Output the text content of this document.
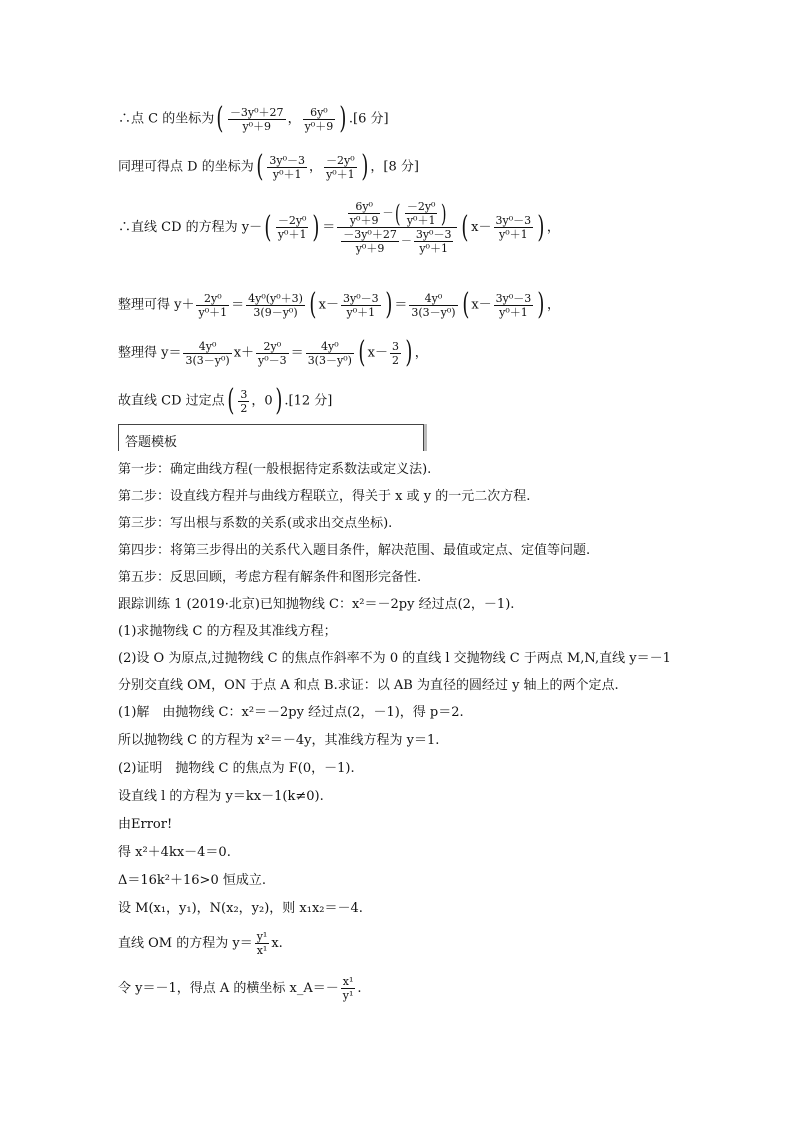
∴点 C 的坐标为( $\frac{\text{－3y⁰＋27}}{\text{y⁰＋9}}$ ， $\frac{\text{6y⁰}}{\text{y⁰＋9}}$ ) .[6 分]
同理可得点 D 的坐标为( $\frac{\text{3y⁰－3}}{\text{y⁰＋1}}$ ， $\frac{\text{－2y⁰}}{\text{y⁰＋1}}$ ) ，[8 分]
∴直线 CD 的方程为 $y-( \frac{\text{－2y⁰}}{\text{y⁰＋1}}$ ) ＝ $\frac{\frac{\text{6y⁰}}{\text{y⁰＋9}} -( \frac{\text{－2y⁰}}{\text{y⁰＋1}} )}{\frac{\text{－3y⁰＋27}}{\text{y⁰＋9}} - \frac{\text{3y⁰－3}}{\text{y⁰＋1}}}$ ( $x- \frac{\text{3y⁰－3}}{\text{y⁰＋1}}$ ) ，
整理可得 $y+ \frac{\text{2y⁰}}{\text{y⁰＋1}} = \frac{\text{4y⁰(y⁰＋3)}}{\text{3(9－y⁰)}}$ ( $x- \frac{\text{3y⁰－3}}{\text{y⁰＋1}}$ ) ＝ $\frac{\text{4y⁰}}{\text{3(3－y⁰)}}$ ( $x- \frac{\text{3y⁰－3}}{\text{y⁰＋1}}$ ) ，
整理得 $y= \frac{\text{4y⁰}}{\text{3(3－y⁰)}} x+ \frac{\text{2y⁰}}{\text{y⁰－3}} = \frac{\text{4y⁰}}{\text{3(3－y⁰)}}$ ( $x- \frac{3}{2}$ ) ，
故直线 CD 过定点( $\frac{3}{2}$ ，0) .[12 分]
答题模板
第一步：确定曲线方程(一般根据待定系数法或定义法).
第二步：设直线方程并与曲线方程联立，得关于 x 或 y 的一元二次方程.
第三步：写出根与系数的关系(或求出交点坐标).
第四步：将第三步得出的关系代入题目条件，解决范围、最值或定点、定值等问题.
第五步：反思回顾，考虑方程有解条件和图形完备性.
跟踪训练 1 (2019·北京)已知抛物线 C：x²＝－2py 经过点(2，－1).
(1)求抛物线 C 的方程及其准线方程；
(2)设 O 为原点,过抛物线 C 的焦点作斜率不为 0 的直线 l 交抛物线 C 于两点 M,N,直线 y＝－1
分别交直线 OM，ON 于点 A 和点 B.求证：以 AB 为直径的圆经过 y 轴上的两个定点.
(1)解　由抛物线 C：x²＝－2py 经过点(2，－1)，得 p＝2.
所以抛物线 C 的方程为 x²＝－4y，其准线方程为 y＝1.
(2)证明　抛物线 C 的焦点为 F(0，－1).
设直线 l 的方程为 y＝kx－1(k≠0).
由Error!
得 x²＋4kx－4＝0.
Δ＝16k²＋16>0 恒成立.
设 M(x₁，y₁)，N(x₂，y₂)，则 x₁x₂＝－4.
直线 OM 的方程为 $y= \frac{\text{y¹}}{\text{x¹}} x$.
令 y＝－1，得点 A 的横坐标 x_A＝－ $\frac{\text{x¹}}{\text{y¹}}$ .
